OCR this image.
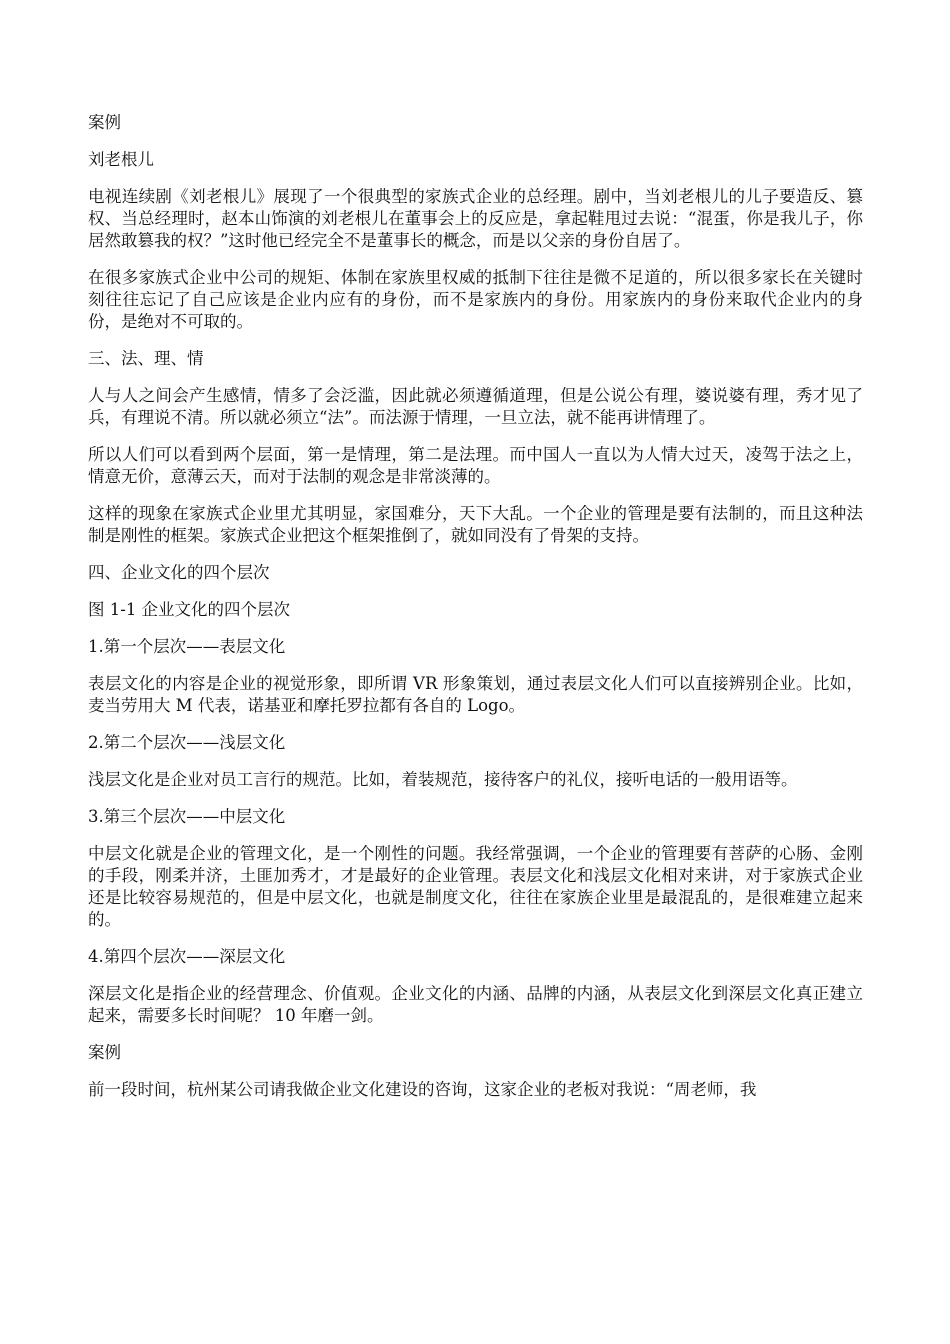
案例
刘老根儿

电视连续剧《刘老根儿》展现了一个很典型的家族式企业的总经理。剧中，当刘老根儿的儿子要造反、篡权、当总经理时，赵本山饰演的刘老根儿在董事会上的反应是，拿起鞋甩过去说：“混蛋，你是我儿子，你居然敢篡我的权？”这时他已经完全不是董事长的概念，而是以父亲的身份自居了。

在很多家族式企业中公司的规矩、体制在家族里权威的抵制下往往是微不足道的，所以很多家长在关键时刻往往忘记了自己应该是企业内应有的身份，而不是家族内的身份。用家族内的身份来取代企业内的身份，是绝对不可取的。

三、法、理、情

人与人之间会产生感情，情多了会泛滥，因此就必须遵循道理，但是公说公有理，婆说婆有理，秀才见了兵，有理说不清。所以就必须立“法”。而法源于情理，一旦立法，就不能再讲情理了。

所以人们可以看到两个层面，第一是情理，第二是法理。而中国人一直以为人情大过天，凌驾于法之上，情意无价，意薄云天，而对于法制的观念是非常淡薄的。

这样的现象在家族式企业里尤其明显，家国难分，天下大乱。一个企业的管理是要有法制的，而且这种法制是刚性的框架。家族式企业把这个框架推倒了，就如同没有了骨架的支持。

四、企业文化的四个层次
图 1-1 企业文化的四个层次
1.第一个层次——表层文化

表层文化的内容是企业的视觉形象，即所谓 VR 形象策划，通过表层文化人们可以直接辨别企业。比如，麦当劳用大 M 代表，诺基亚和摩托罗拉都有各自的 Logo。

2.第二个层次——浅层文化

浅层文化是企业对员工言行的规范。比如，着装规范，接待客户的礼仪，接听电话的一般用语等。

3.第三个层次——中层文化

中层文化就是企业的管理文化，是一个刚性的问题。我经常强调，一个企业的管理要有菩萨的心肠、金刚的手段，刚柔并济，土匪加秀才，才是最好的企业管理。表层文化和浅层文化相对来讲，对于家族式企业还是比较容易规范的，但是中层文化，也就是制度文化，往往在家族企业里是最混乱的，是很难建立起来的。

4.第四个层次——深层文化

深层文化是指企业的经营理念、价值观。企业文化的内涵、品牌的内涵，从表层文化到深层文化真正建立起来，需要多长时间呢？ 10 年磨一剑。

案例

前一段时间，杭州某公司请我做企业文化建设的咨询，这家企业的老板对我说：“周老师，我
